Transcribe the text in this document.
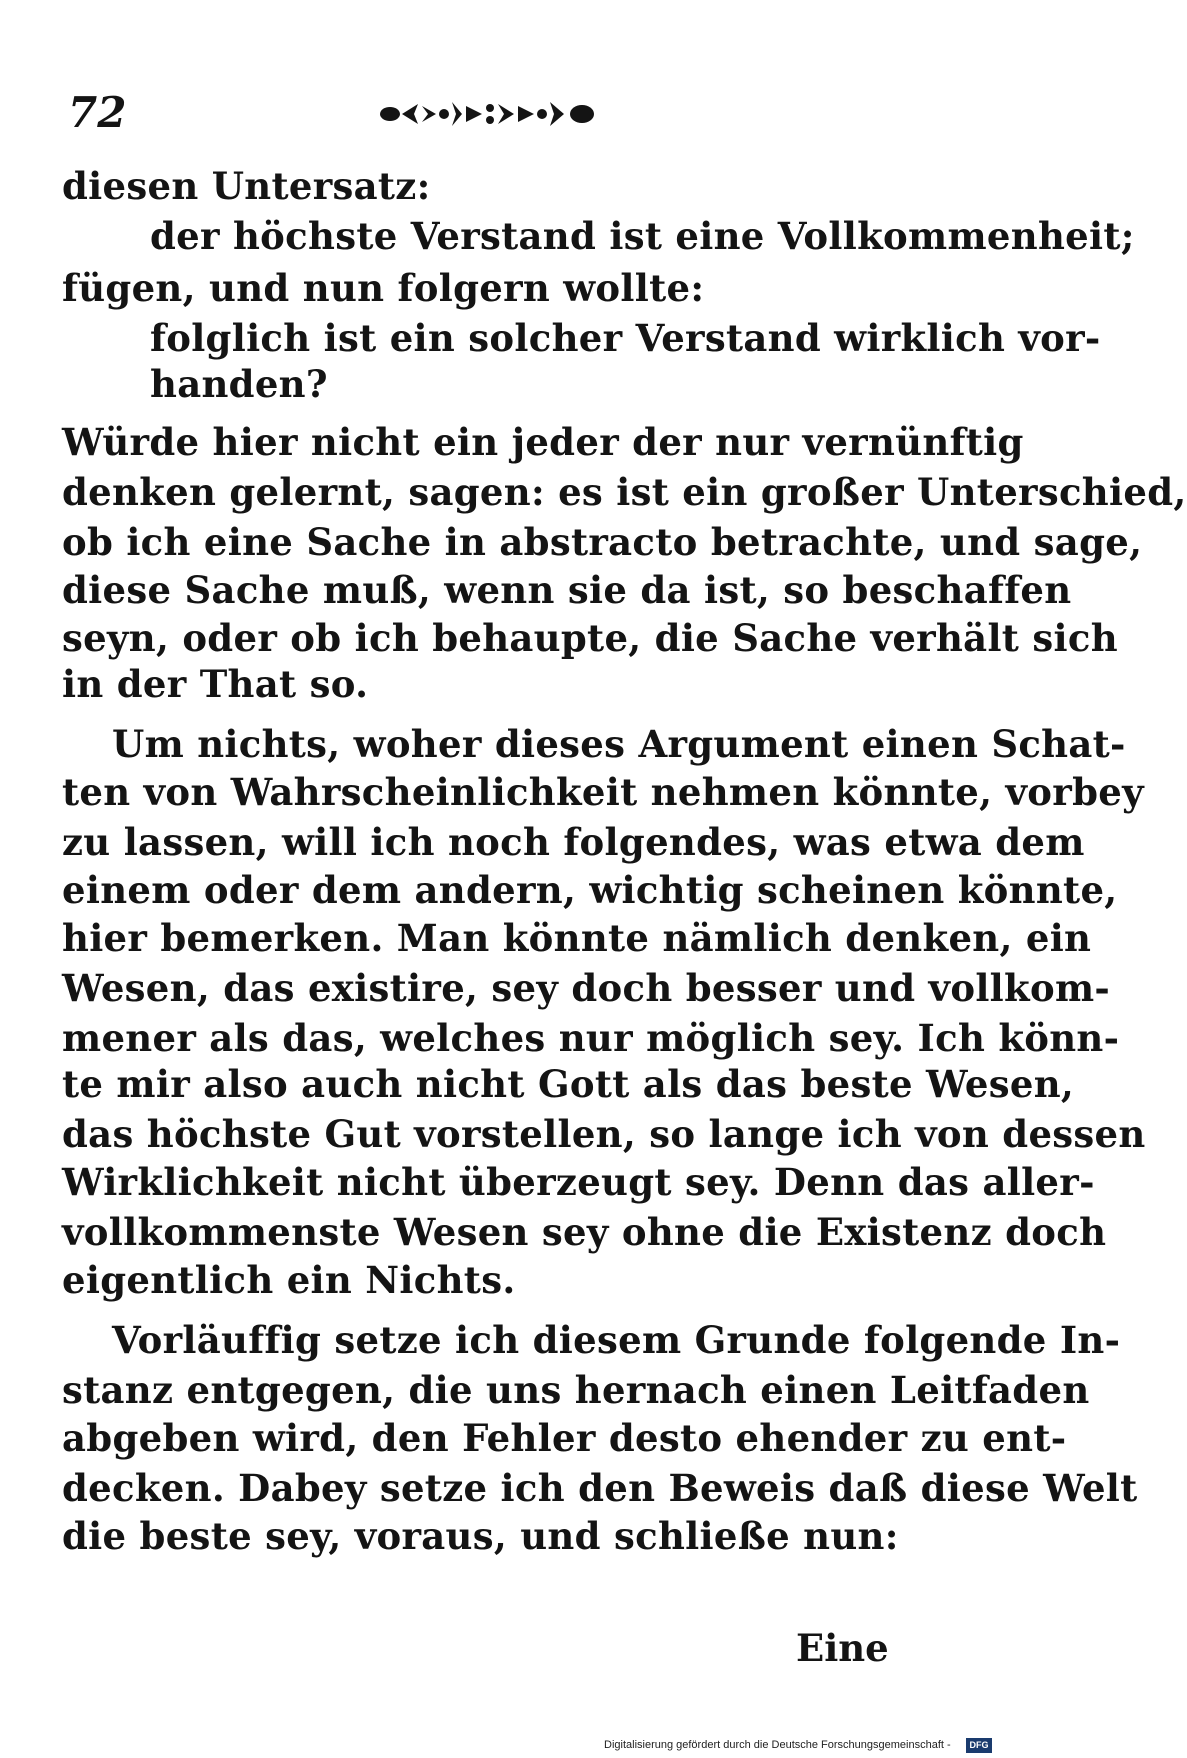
72
diesen Untersatz:
der höchste Verstand ist eine Vollkommenheit;
fügen, und nun folgern wollte:
folglich ist ein solcher Verstand wirklich vor-
handen?
Würde hier nicht ein jeder der nur vernünftig
denken gelernt, sagen: es ist ein großer Unterschied,
ob ich eine Sache in abstracto betrachte, und sage,
diese Sache muß, wenn sie da ist, so beschaffen
seyn, oder ob ich behaupte, die Sache verhält sich
in der That so.
Um nichts, woher dieses Argument einen Schat-
ten von Wahrscheinlichkeit nehmen könnte, vorbey
zu lassen, will ich noch folgendes, was etwa dem
einem oder dem andern, wichtig scheinen könnte,
hier bemerken. Man könnte nämlich denken, ein
Wesen, das existire, sey doch besser und vollkom-
mener als das, welches nur möglich sey. Ich könn-
te mir also auch nicht Gott als das beste Wesen,
das höchste Gut vorstellen, so lange ich von dessen
Wirklichkeit nicht überzeugt sey. Denn das aller-
vollkommenste Wesen sey ohne die Existenz doch
eigentlich ein Nichts.
Vorläuffig setze ich diesem Grunde folgende In-
stanz entgegen, die uns hernach einen Leitfaden
abgeben wird, den Fehler desto ehender zu ent-
decken. Dabey setze ich den Beweis daß diese Welt
die beste sey, voraus, und schließe nun:
Eine
Digitalisierung gefördert durch die Deutsche Forschungsgemeinschaft -	DFG
